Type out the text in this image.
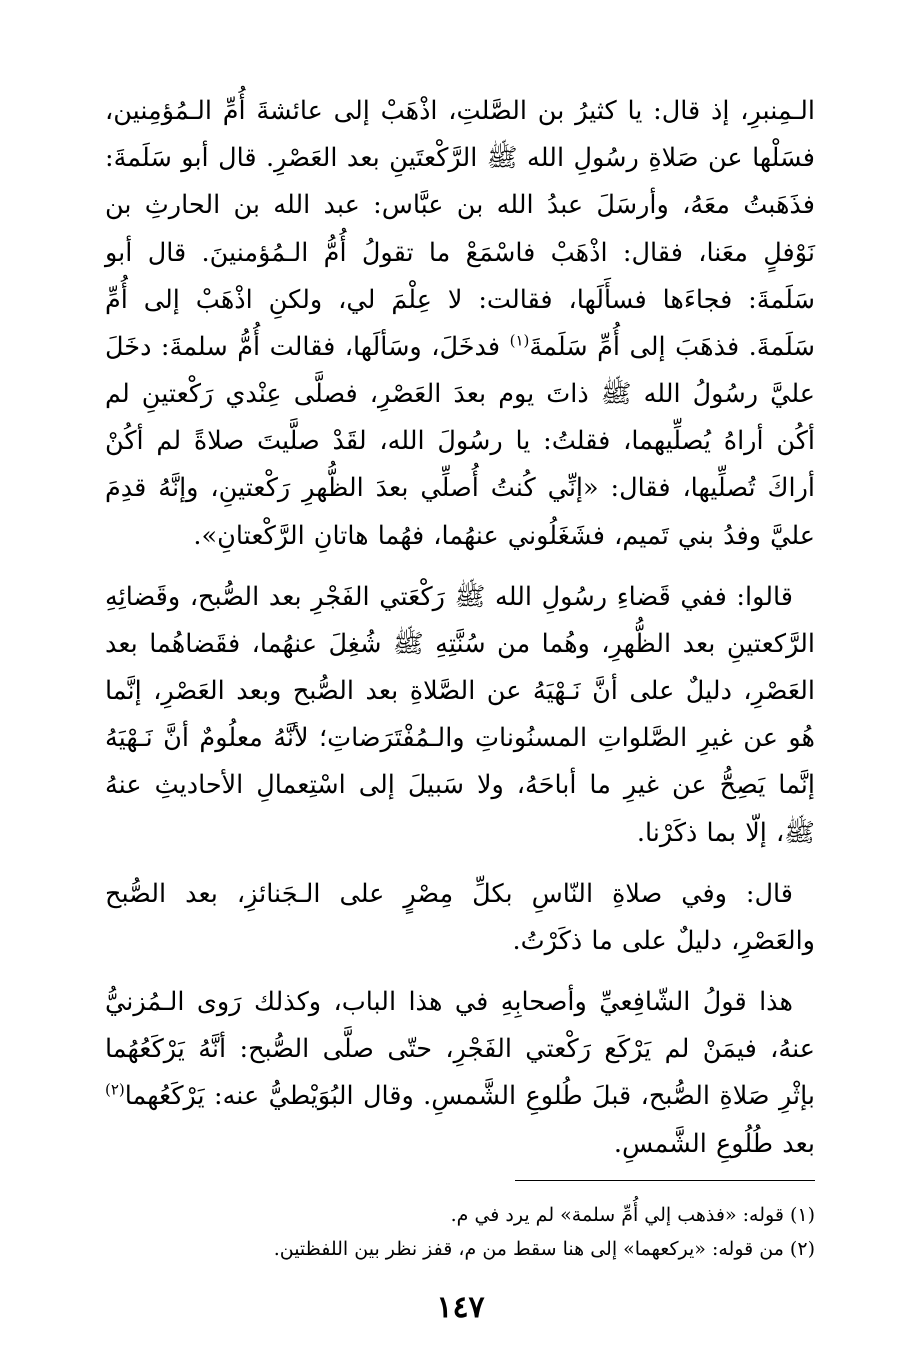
الـمِنبرِ، إذ قال: يا كثيرُ بن الصَّلتِ، اذْهَبْ إلى عائشةَ أُمِّ الـمُؤمِنين، فسَلْها عن صَلاةِ رسُولِ الله ﷺ الرَّكْعتَينِ بعد العَصْرِ. قال أبو سَلَمةَ: فذَهَبتُ معَهُ، وأرسَلَ عبدُ الله بن عبَّاس: عبد الله بن الحارثِ بن نَوْفلٍ معَنا، فقال: اذْهَبْ فاسْمَعْ ما تقولُ أُمُّ الـمُؤمنينَ. قال أبو سَلَمةَ: فجاءَها فسأَلَها، فقالت: لا عِلْمَ لي، ولكنِ اذْهَبْ إلى أُمِّ سَلَمةَ. فذهَبَ إلى أُمِّ سَلَمةَ$^{(١)}$ فدخَلَ، وسَألَها، فقالت أُمُّ سلمةَ: دخَلَ عليَّ رسُولُ الله ﷺ ذاتَ يوم بعدَ العَصْرِ، فصلَّى عِنْدي رَكْعتينِ لم أكُن أراهُ يُصلِّيهما، فقلتُ: يا رسُولَ الله، لقَدْ صلَّيتَ صلاةً لم أكُنْ أراكَ تُصلِّيها، فقال: «إنِّي كُنتُ أُصلِّي بعدَ الظُّهرِ رَكْعتينِ، وإنَّهُ قدِمَ عليَّ وفدُ بني تَميم، فشَغَلُوني عنهُما، فهُما هاتانِ الرَّكْعتانِ».

قالوا: ففي قَضاءِ رسُولِ الله ﷺ رَكْعَتي الفَجْرِ بعد الصُّبح، وقَضائِهِ الرَّكعتينِ بعد الظُّهرِ، وهُما من سُنَّتِهِ ﷺ شُغِلَ عنهُما، فقَضاهُما بعد العَصْرِ، دليلٌ على أنَّ نَـهْيَهُ عن الصَّلاةِ بعد الصُّبح وبعد العَصْرِ، إنَّما هُو عن غيرِ الصَّلواتِ المسنُوناتِ والـمُفْتَرَضاتِ؛ لأنَّهُ معلُومٌ أنَّ نَـهْيَهُ إنَّما يَصِحُّ عن غيرِ ما أباحَهُ، ولا سَبيلَ إلى اسْتِعمالِ الأحاديثِ عنهُ ﷺ، إلّا بما ذكَرْنا.

قال: وفي صلاةِ النّاسِ بكلِّ مِصْرٍ على الـجَنائزِ، بعد الصُّبح والعَصْرِ، دليلٌ على ما ذكَرْتُ.

هذا قولُ الشّافِعيِّ وأصحابِهِ في هذا الباب، وكذلك رَوى الـمُزنيُّ عنهُ، فيمَنْ لم يَرْكَع رَكْعتي الفَجْرِ، حتّى صلَّى الصُّبح: أنَّهُ يَرْكَعُهُما بإثْرِ صَلاةِ الصُّبح، قبلَ طُلوعِ الشَّمسِ. وقال البُوَيْطيُّ عنه: يَرْكَعُهما$^{(٢)}$ بعد طُلُوعِ الشَّمسِ.

(١) قوله: «فذهب إلي أُمِّ سلمة» لم يرد في م.

(٢) من قوله: «يركعهما» إلى هنا سقط من م، قفز نظر بين اللفظتين.

١٤٧
